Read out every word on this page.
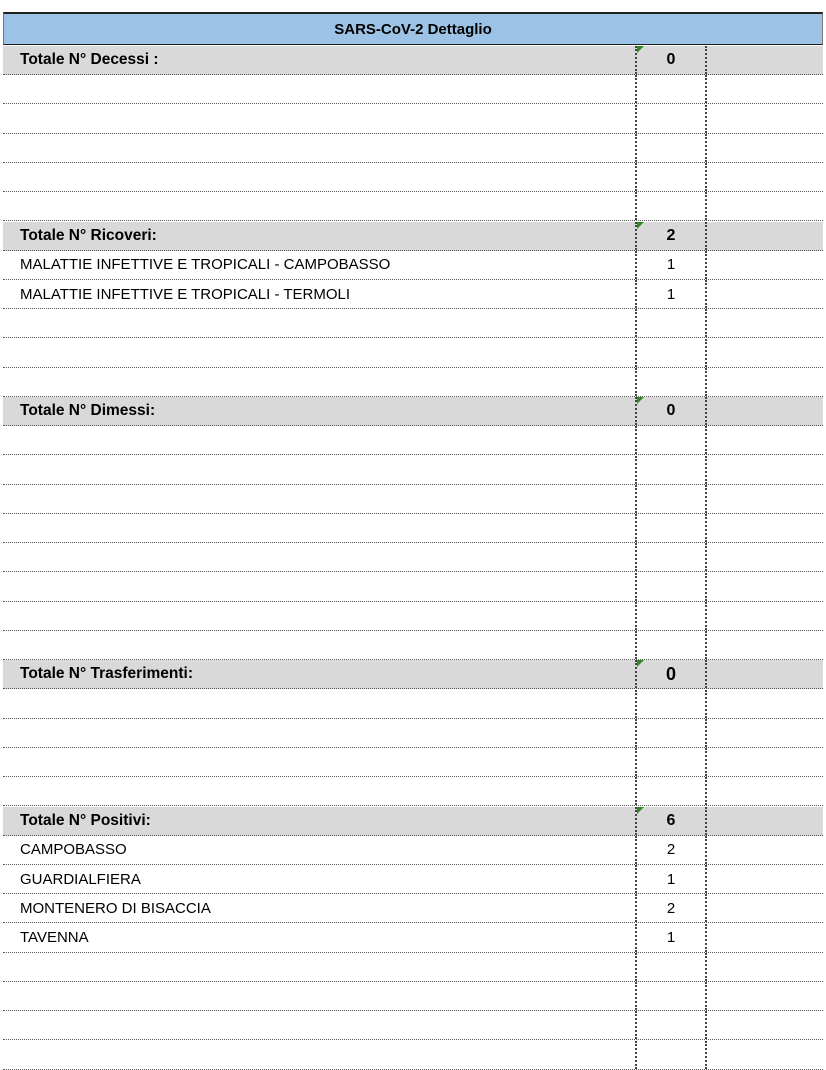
SARS-CoV-2 Dettaglio
Totale N° Decessi :	0
Totale N° Ricoveri:	2
MALATTIE INFETTIVE E TROPICALI - CAMPOBASSO	1
MALATTIE INFETTIVE E TROPICALI - TERMOLI	1
Totale N° Dimessi:	0
Totale N° Trasferimenti:	0
Totale N° Positivi:	6
CAMPOBASSO	2
GUARDIALFIERA	1
MONTENERO DI BISACCIA	2
TAVENNA	1
